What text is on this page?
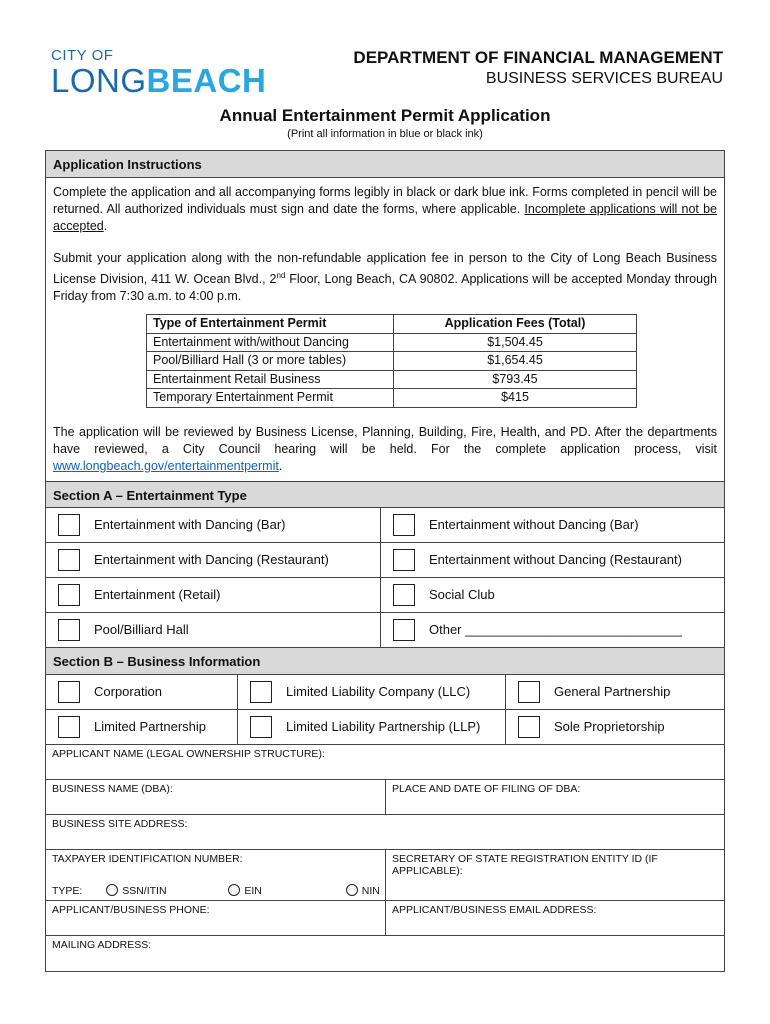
CITY OF
LONGBEACH
DEPARTMENT OF FINANCIAL MANAGEMENT
BUSINESS SERVICES BUREAU
Annual Entertainment Permit Application
(Print all information in blue or black ink)
Application Instructions

Complete the application and all accompanying forms legibly in black or dark blue ink. Forms completed in pencil will be returned. All authorized individuals must sign and date the forms, where applicable. Incomplete applications will not be accepted.

Submit your application along with the non-refundable application fee in person to the City of Long Beach Business License Division, 411 W. Ocean Blvd., 2nd Floor, Long Beach, CA 90802. Applications will be accepted Monday through Friday from 7:30 a.m. to 4:00 p.m.

Type of Entertainment Permit	Application Fees (Total)
Entertainment with/without Dancing	$1,504.45
Pool/Billiard Hall (3 or more tables)	$1,654.45
Entertainment Retail Business	$793.45
Temporary Entertainment Permit	$415

The application will be reviewed by Business License, Planning, Building, Fire, Health, and PD. After the departments have reviewed, a City Council hearing will be held. For the complete application process, visit www.longbeach.gov/entertainmentpermit.

Section A – Entertainment Type
Entertainment with Dancing (Bar)	Entertainment without Dancing (Bar)
Entertainment with Dancing (Restaurant)	Entertainment without Dancing (Restaurant)
Entertainment (Retail)	Social Club
Pool/Billiard Hall	Other ______________________________
Section B – Business Information
Corporation	Limited Liability Company (LLC)	General Partnership
Limited Partnership	Limited Liability Partnership (LLP)	Sole Proprietorship
APPLICANT NAME (LEGAL OWNERSHIP STRUCTURE):
BUSINESS NAME (DBA):	PLACE AND DATE OF FILING OF DBA:
BUSINESS SITE ADDRESS:
TAXPAYER IDENTIFICATION NUMBER:
TYPE:	SSN/ITIN	EIN	NIN
SECRETARY OF STATE REGISTRATION ENTITY ID (IF APPLICABLE):
APPLICANT/BUSINESS PHONE:	APPLICANT/BUSINESS EMAIL ADDRESS:
MAILING ADDRESS:
